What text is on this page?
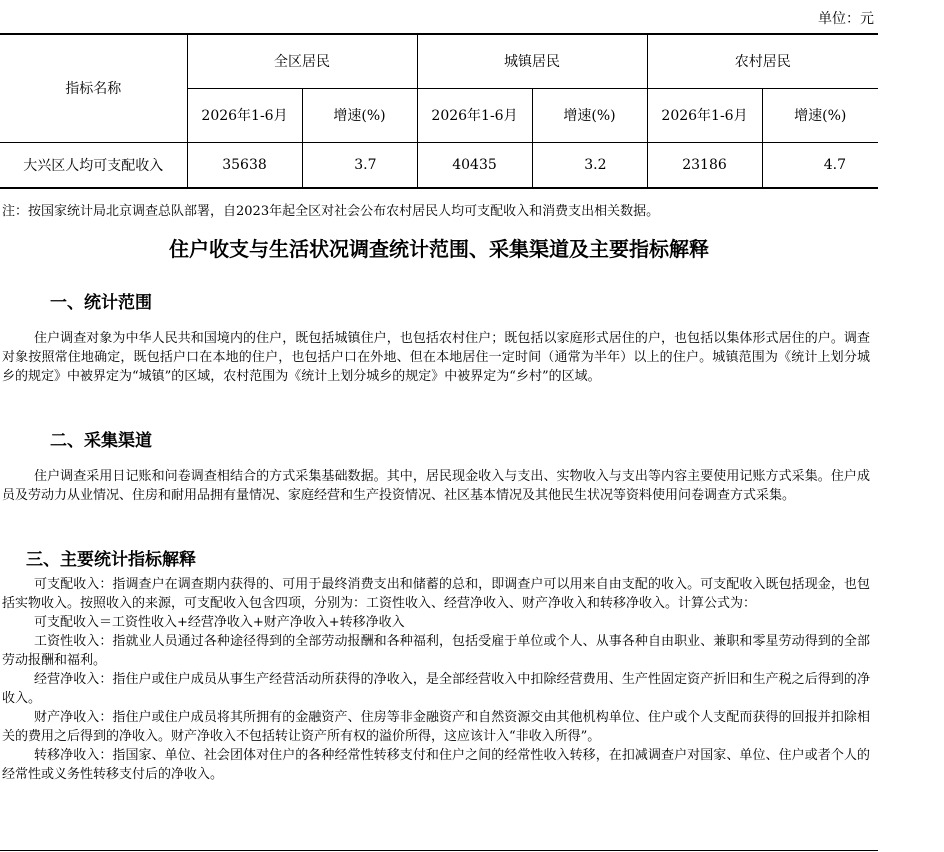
单位：元
指标名称	全区居民		城镇居民		农村居民	
	2026年1-6月	增速(%)	2026年1-6月	增速(%)	2026年1-6月	增速(%)
大兴区人均可支配收入	35638	3.7	40435	3.2	23186	4.7
注：按国家统计局北京调查总队部署，自2023年起全区对社会公布农村居民人均可支配收入和消费支出相关数据。
住户收支与生活状况调查统计范围、采集渠道及主要指标解释
一、统计范围

住户调查对象为中华人民共和国境内的住户，既包括城镇住户，也包括农村住户；既包括以家庭形式居住的户，也包括以集体形式居住的户。调查对象按照常住地确定，既包括户口在本地的住户，也包括户口在外地、但在本地居住一定时间（通常为半年）以上的住户。城镇范围为《统计上划分城乡的规定》中被界定为“城镇”的区域，农村范围为《统计上划分城乡的规定》中被界定为“乡村”的区域。

二、采集渠道

住户调查采用日记账和问卷调查相结合的方式采集基础数据。其中，居民现金收入与支出、实物收入与支出等内容主要使用记账方式采集。住户成员及劳动力从业情况、住房和耐用品拥有量情况、家庭经营和生产投资情况、社区基本情况及其他民生状况等资料使用问卷调查方式采集。

三、主要统计指标解释

可支配收入：指调查户在调查期内获得的、可用于最终消费支出和储蓄的总和，即调查户可以用来自由支配的收入。可支配收入既包括现金，也包括实物收入。按照收入的来源，可支配收入包含四项，分别为：工资性收入、经营净收入、财产净收入和转移净收入。计算公式为：

可支配收入＝工资性收入+经营净收入+财产净收入+转移净收入

工资性收入：指就业人员通过各种途径得到的全部劳动报酬和各种福利，包括受雇于单位或个人、从事各种自由职业、兼职和零星劳动得到的全部劳动报酬和福利。

经营净收入：指住户或住户成员从事生产经营活动所获得的净收入，是全部经营收入中扣除经营费用、生产性固定资产折旧和生产税之后得到的净收入。

财产净收入：指住户或住户成员将其所拥有的金融资产、住房等非金融资产和自然资源交由其他机构单位、住户或个人支配而获得的回报并扣除相关的费用之后得到的净收入。财产净收入不包括转让资产所有权的溢价所得，这应该计入“非收入所得”。

转移净收入：指国家、单位、社会团体对住户的各种经常性转移支付和住户之间的经常性收入转移，在扣减调查户对国家、单位、住户或者个人的经常性或义务性转移支付后的净收入。
